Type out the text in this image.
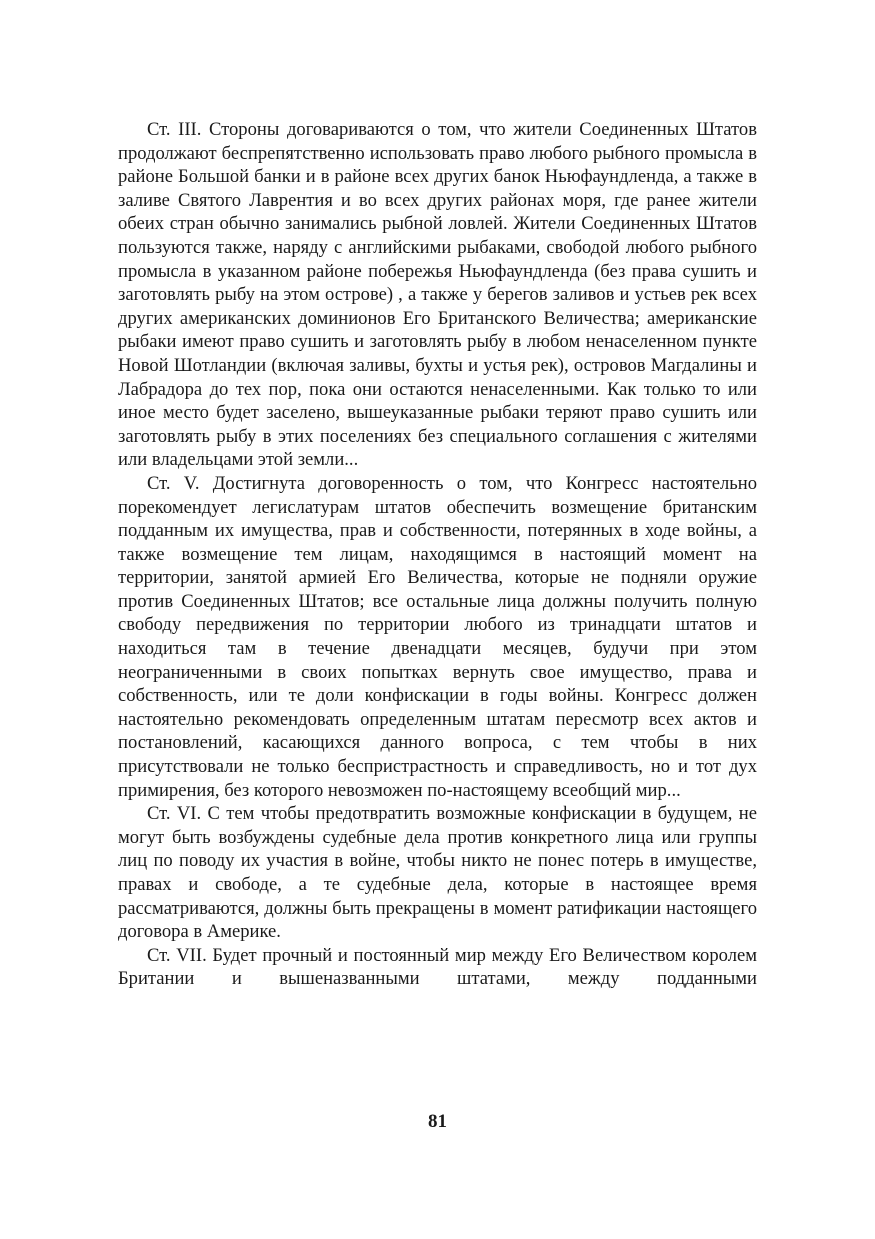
Ст. III. Стороны договариваются о том, что жители Соединенных Штатов продолжают беспрепятственно использовать право любого рыбного промысла в районе Большой банки и в районе всех других банок Ньюфаундленда, а также в заливе Святого Лаврентия и во всех других районах моря, где ранее жители обеих стран обычно занимались рыбной ловлей. Жители Соединенных Штатов пользуются также, наряду с английскими рыбаками, свободой любого рыбного промысла в указанном районе побережья Ньюфаундленда (без права сушить и заготовлять рыбу на этом острове) , а также у берегов заливов и устьев рек всех других американских доминионов Его Британского Величества; американские рыбаки имеют право сушить и заготовлять рыбу в любом ненаселенном пункте Новой Шотландии (включая заливы, бухты и устья рек), островов Магдалины и Лабрадора до тех пор, пока они остаются ненаселенными. Как только то или иное место будет заселено, вышеуказанные рыбаки теряют право сушить или заготовлять рыбу в этих поселениях без специального соглашения с жителями или владельцами этой земли...

Ст. V. Достигнута договоренность о том, что Конгресс настоятельно порекомендует легислатурам штатов обеспечить возмещение британским подданным их имущества, прав и собственности, потерянных в ходе войны, а также возмещение тем лицам, находящимся в настоящий момент на территории, занятой армией Его Величества, которые не подняли оружие против Соединенных Штатов; все остальные лица должны получить полную свободу передвижения по территории любого из тринадцати штатов и находиться там в течение двенадцати месяцев, будучи при этом неограниченными в своих попытках вернуть свое имущество, права и собственность, или те доли конфискации в годы войны. Конгресс должен настоятельно рекомендовать определенным штатам пересмотр всех актов и постановлений, касающихся данного вопроса, с тем чтобы в них присутствовали не только беспристрастность и справедливость, но и тот дух примирения, без которого невозможен по-настоящему всеобщий мир...

Ст. VI. С тем чтобы предотвратить возможные конфискации в будущем, не могут быть возбуждены судебные дела против конкретного лица или группы лиц по поводу их участия в войне, чтобы никто не понес потерь в имуществе, правах и свободе, а те судебные дела, которые в настоящее время рассматриваются, должны быть прекращены в момент ратификации настоящего договора в Америке.

Ст. VII. Будет прочный и постоянный мир между Его Величеством королем Британии и вышеназванными штатами, между подданными

81
